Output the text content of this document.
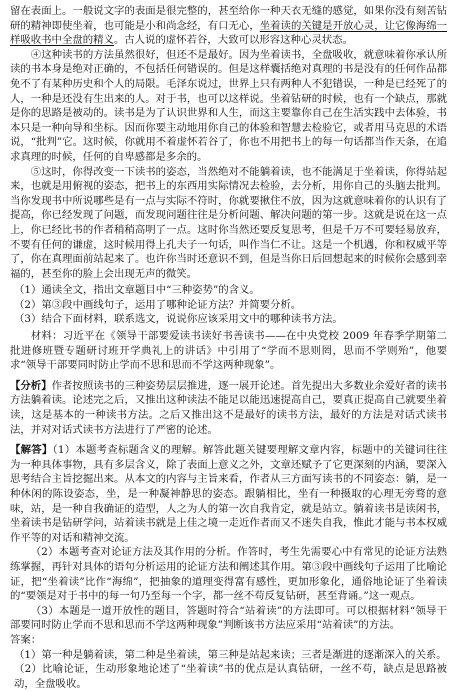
留在表面上。一般说文字的表面是很完整的，甚至给你一种天衣无缝的感觉，如果你没有刻苦钻研的精神即使坐着，也可能是小和尚念经，有口无心，坐着读的关键是开放心灵，让它像海绵一样吸收书中全盘的精义。古人说的虚怀若谷，大致可以形容这种心灵状态。

④这种读书的方法虽然很好，但还不是最好。因为坐着读书，全盘吸收，就意味着你承认所读的书本身是绝对正确的，不包括任何错误的。但是这样囊括绝对真理的书是没有的任何作品都免不了有某种历史和个人的局限。毛泽东说过，世界上只有两种人不犯错误，一种是已经死了的人，一种是还没有生出来的人。对于书，也可以这样说。坐着钻研的时候，也有一个缺点，那就是你的思路是被动的。读书是为了认识世界和人生，而这主要靠你自己在生活实践中去体验，书本只是一种向导和坐标。因而你要主动地用你自己的体验和智慧去检验它，或者用马克思的术语说，“批判”它。这时候，你就用不着虚怀若谷了，你也不用把书上的每一句话都当作天条，在追求真理的时候，任何的自卑感都是多余的。

⑤这时，你得改变一下读书的姿态，当然绝对不能躺着读，也不能满足于坐着读，你得站起来，也就是用俯视的姿态，把书上的东西用实际情况去检验，去分析，用你自己的头脑去批判。当你发现书中所说哪些是有一点与实际不符时，你就要揪住不放，因为这就意味着你的认识有了提高，你已经发现了问题，而发现问题往往是分析问题、解决问题的第一步。这就是说在这一点上，你已经比书的作者稍稍高明了一点。这时你当然还要反复思考，但是千万不可要轻易放弃，不要有任何的谦虚，这时候用得上孔夫子一句话，叫作当仁不让。这是一个机遇，你和权威平等了，你在真理面前站起来了。也许你当时还意识不到，但是当你日后回想起来的时候你会感到幸福的，甚至你的脸上会出现无声的微笑。

（1）通读全文，指出文章题目中“三种姿势”的含义。

（2）第③段中画线句子，运用了哪种论证方法？并简要分析。

（3）结合下面材料，联系选文，说说你应该采用文中的哪种读书方法。

材料：习近平在《领导干部要爱读书读好书善读书——在中央党校 2009 年春季学期第二批进修班暨专题研讨班开学典礼上的讲话》中引用了“学而不思则罔，思而不学则殆”，他要求“领导干部要同时防止学而不思和思而不学这两种现象”。

【分析】作者按照读书的三种姿势层层推进，逐一展开论述。首先提出大多数业余爱好者的读书方法躺着读。论述完之后，又推出这种读法不能足以能迅速提高自己，要真正提高自己就要坐着读，这是基本的一种读书方法。之后又推出这不是最好的读书方法，最好的方法是对话式读书法，并对对话式读书方法进行了严密的论述。

【解答】（1）本题考查标题含义的理解。解答此题关键要理解文章内容，标题中的关键词往往为一种具体事物，具有多层含义，除了表面上意义之外，文章还赋予了它更深刻的内涵，要深入思考结合主旨挖掘出来。从本文的内容与主旨来看，作者从三方面写读书的不同姿态：躺，是一种休闲的陈设姿态，坐，是一种凝神静思的姿态。跟躺相比，坐有一种摄取的心理无旁骛的意味，站，是一种自我确证的造型，人之为人的第一次自我肯定，就是站立。躺着读书是读闲书，坐着读书是钻研学问，站着读书就是上佳之境一走近作者而又不迷失自我，惟此才能与书本权威作平等的对话和精神交流。

（2）本题考查对论证方法及其作用的分析。作答时，考生先需要心中有常见的论证方法熟练掌握，再针对具体的语句分析运用的论证方法和阐述其作用。第③段中画线句子运用了比喻论证，把“坐着读”比作“海绵”，把抽象的道理变得富有感性，更加形象化，通俗地论证了坐着读的“要领是对于书中的每一句乃至每一个字，都一丝不苟反复钻研，甚至背诵。”这一观点。

（3）本题是一道开放性的题目，答题时符合“站着读”的方法即可。可以根据材料“领导干部要同时防止学而不思和思而不学这两种现象”判断该书方法应采用“站着读”的方法。

答案：

（1）第一种是躺着读，第二种是坐着读，第三种是站起来读；三者是渐进的逐渐深入的关系。

（2）比喻论证，生动形象地论述了“坐着读”书的优点是认真钻研，一丝不苟，缺点是思路被动，全盘吸收。
